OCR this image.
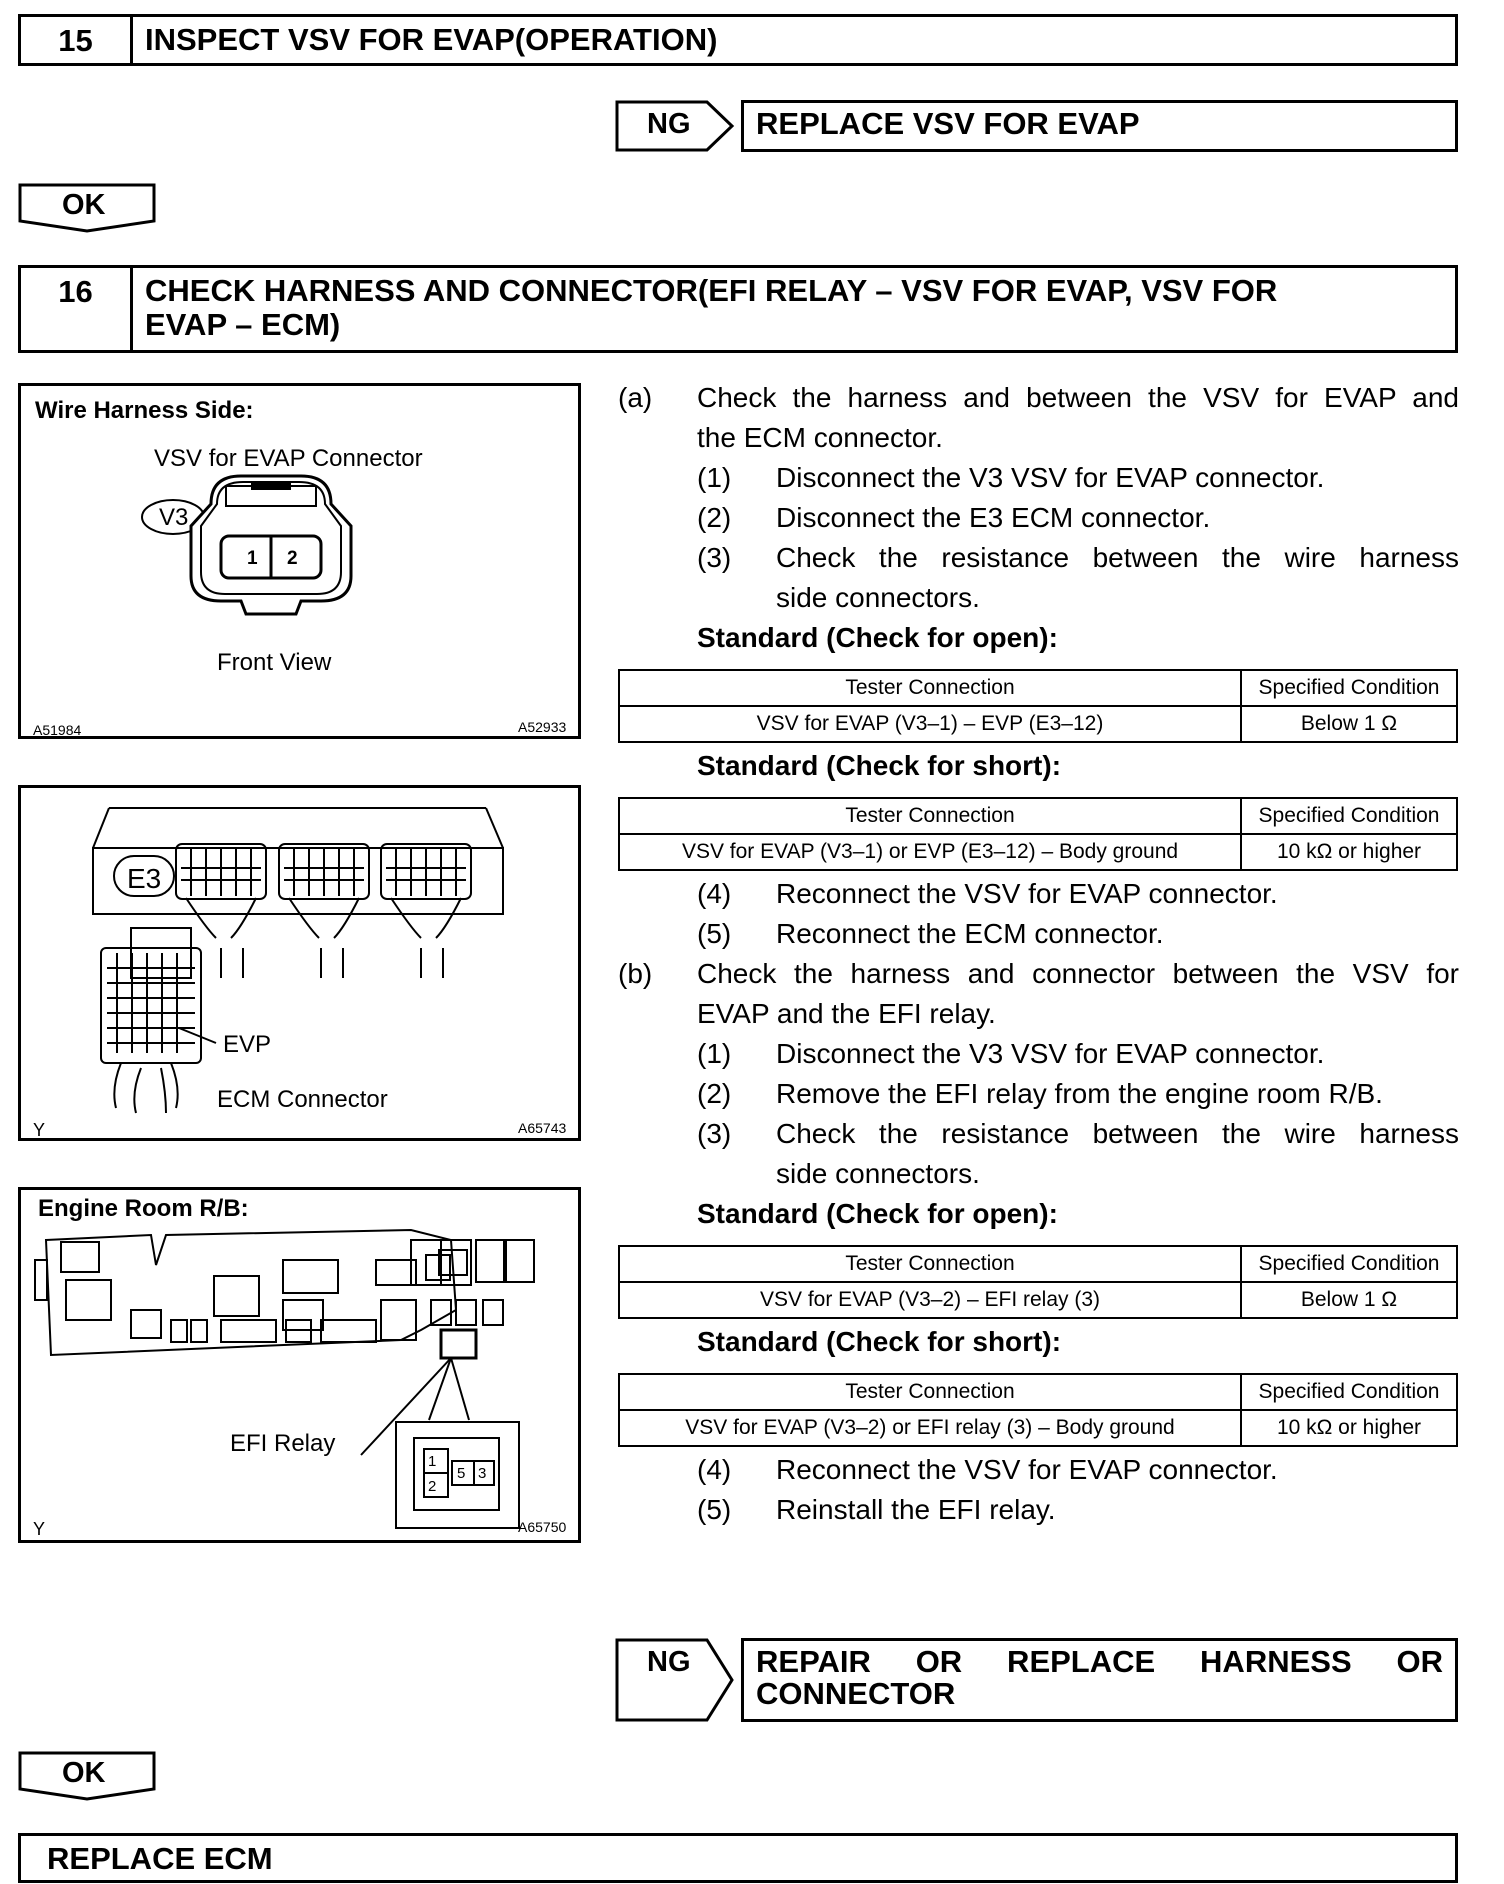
15	INSPECT VSV FOR EVAP(OPERATION)
NG	REPLACE VSV FOR EVAP
OK
16	CHECK HARNESS AND CONNECTOR(EFI RELAY – VSV FOR EVAP, VSV FOR
EVAP – ECM)
Wire Harness Side:
VSV for EVAP Connector
V3
1 2
Front View
A51984	A52933
E3
EVP
ECM Connector
Y	A65743
Engine Room R/B:
EFI Relay
1
2
5 3
Y	A65750
(a) Check the harness and between the VSV for EVAP and
the ECM connector.
(1) Disconnect the V3 VSV for EVAP connector.
(2) Disconnect the E3 ECM connector.
(3) Check the resistance between the wire harness
side connectors.
Standard (Check for open):
Tester Connection	Specified Condition
VSV for EVAP (V3–1) – EVP (E3–12)	Below 1 Ω
Standard (Check for short):
Tester Connection	Specified Condition
VSV for EVAP (V3–1) or EVP (E3–12) – Body ground	10 kΩ or higher
(4) Reconnect the VSV for EVAP connector.
(5) Reconnect the ECM connector.
(b) Check the harness and connector between the VSV for
EVAP and the EFI relay.
(1) Disconnect the V3 VSV for EVAP connector.
(2) Remove the EFI relay from the engine room R/B.
(3) Check the resistance between the wire harness
side connectors.
Standard (Check for open):
Tester Connection	Specified Condition
VSV for EVAP (V3–2) – EFI relay (3)	Below 1 Ω
Standard (Check for short):
Tester Connection	Specified Condition
VSV for EVAP (V3–2) or EFI relay (3) – Body ground	10 kΩ or higher
(4) Reconnect the VSV for EVAP connector.
(5) Reinstall the EFI relay.
NG REPAIR OR REPLACE HARNESS OR
CONNECTOR
OK
REPLACE ECM
